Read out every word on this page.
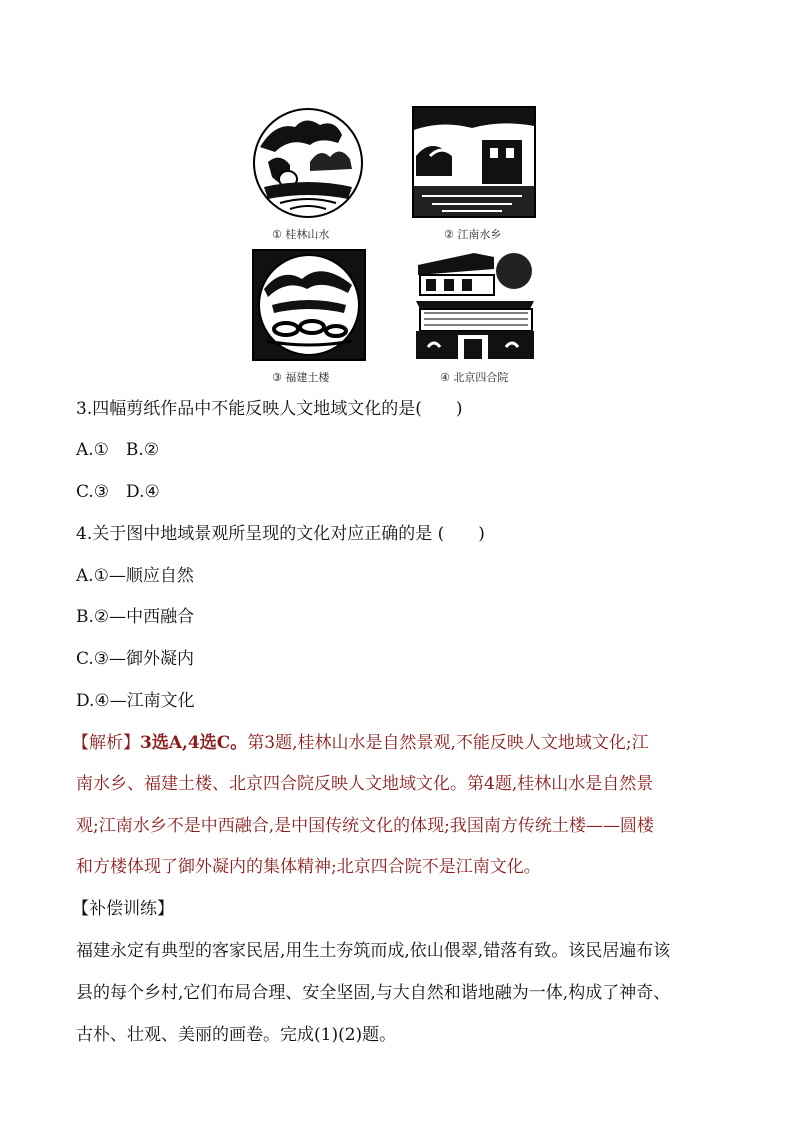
① 桂林山水	② 江南水乡
③ 福建土楼	④ 北京四合院
3.四幅剪纸作品中不能反映人文地域文化的是(　　)
A.①　B.②
C.③　D.④
4.关于图中地域景观所呈现的文化对应正确的是 (　　)
A.①—顺应自然
B.②—中西融合
C.③—御外凝内
D.④—江南文化
【解析】3选A,4选C。第3题,桂林山水是自然景观,不能反映人文地域文化;江
南水乡、福建土楼、北京四合院反映人文地域文化。第4题,桂林山水是自然景
观;江南水乡不是中西融合,是中国传统文化的体现;我国南方传统土楼——圆楼
和方楼体现了御外凝内的集体精神;北京四合院不是江南文化。
【补偿训练】
福建永定有典型的客家民居,用生土夯筑而成,依山偎翠,错落有致。该民居遍布该
县的每个乡村,它们布局合理、安全坚固,与大自然和谐地融为一体,构成了神奇、
古朴、壮观、美丽的画卷。完成(1)(2)题。
